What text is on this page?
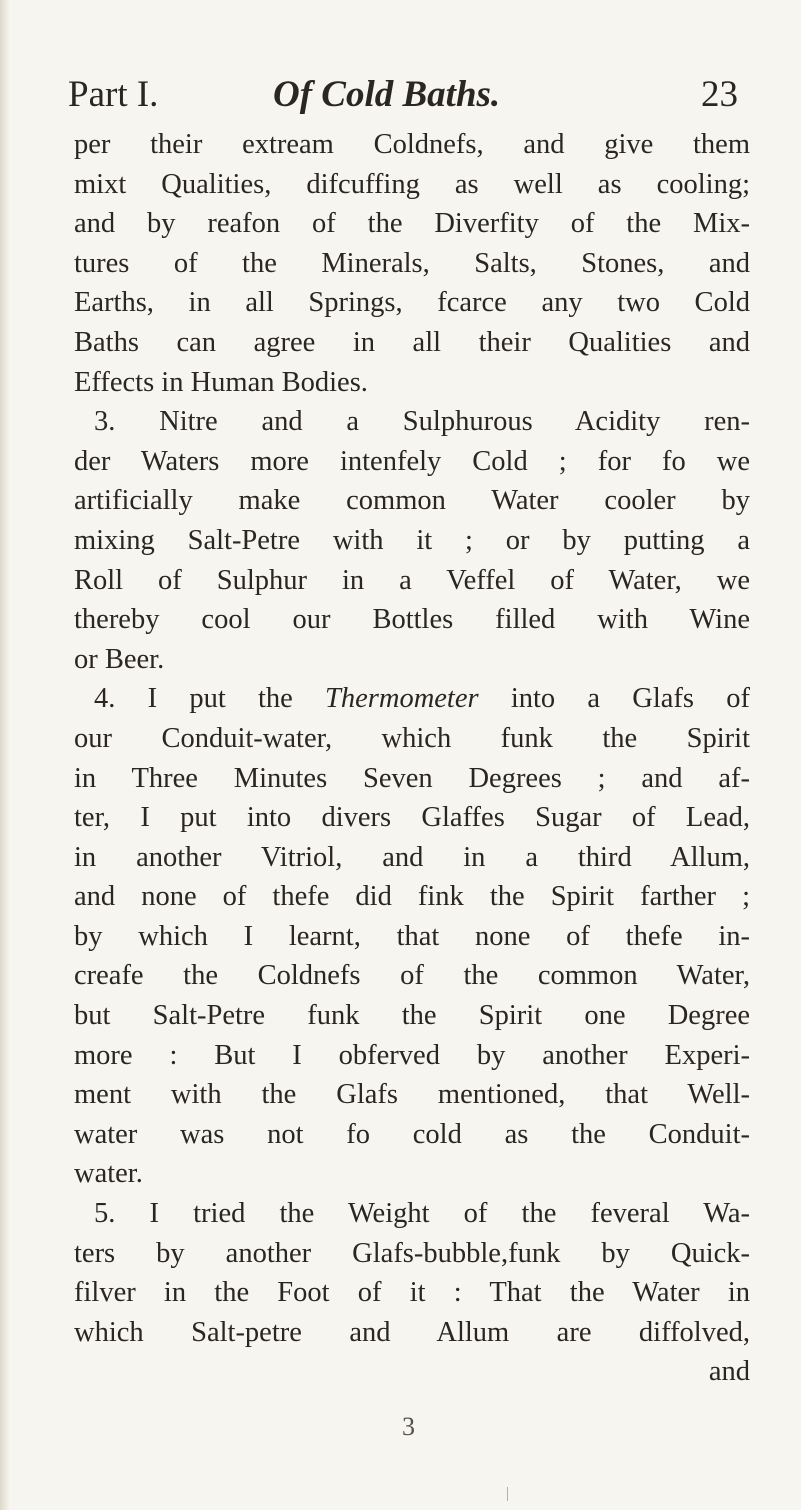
Part I.	Of Cold Baths.	23
per their extream Coldnefs, and give them
mixt Qualities, difcuffing as well as cooling;
and by reafon of the Diverfity of the Mix-
tures of the Minerals, Salts, Stones, and
Earths, in all Springs, fcarce any two Cold
Baths can agree in all their Qualities and
Effects in Human Bodies.
3. Nitre and a Sulphurous Acidity ren-
der Waters more intenfely Cold ; for fo we
artificially make common Water cooler by
mixing Salt-Petre with it ; or by putting a
Roll of Sulphur in a Veffel of Water, we
thereby cool our Bottles filled with Wine
or Beer.
4. I put the Thermometer into a Glafs of
our Conduit-water, which funk the Spirit
in Three Minutes Seven Degrees ; and af-
ter, I put into divers Glaffes Sugar of Lead,
in another Vitriol, and in a third Allum,
and none of thefe did fink the Spirit farther ;
by which I learnt, that none of thefe in-
creafe the Coldnefs of the common Water,
but Salt-Petre funk the Spirit one Degree
more : But I obferved by another Experi-
ment with the Glafs mentioned, that Well-
water was not fo cold as the Conduit-
water.
5. I tried the Weight of the feveral Wa-
ters by another Glafs-bubble,funk by Quick-
filver in the Foot of it : That the Water in
which Salt-petre and Allum are diffolved,
and
3
